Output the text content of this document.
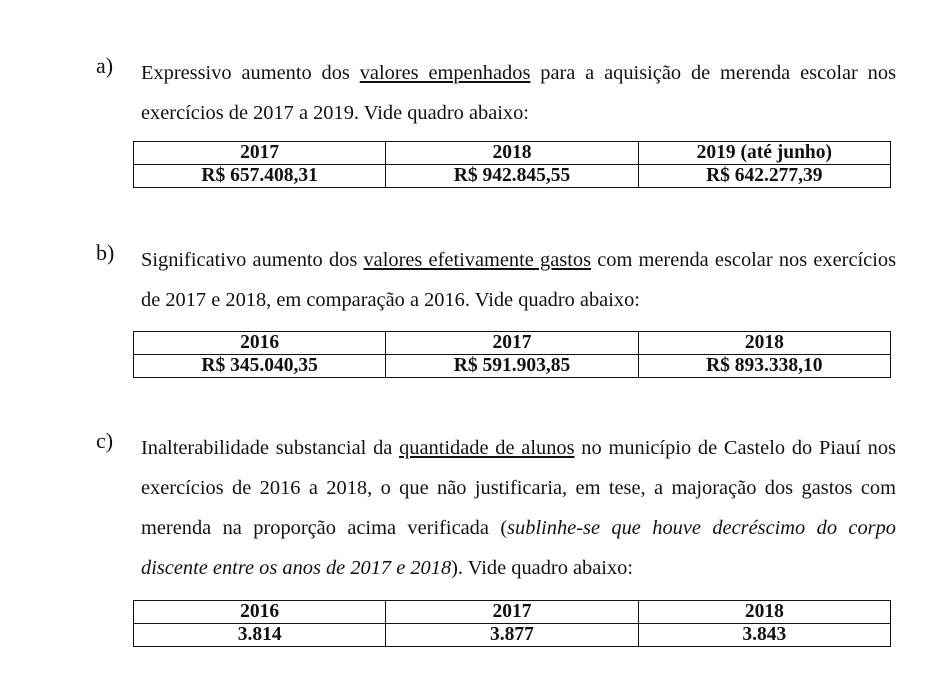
a) Expressivo aumento dos valores empenhados para a aquisição de merenda escolar nos exercícios de 2017 a 2019. Vide quadro abaixo:
2017	2018	2019 (até junho)
R$ 657.408,31	R$ 942.845,55	R$ 642.277,39
b) Significativo aumento dos valores efetivamente gastos com merenda escolar nos exercícios de 2017 e 2018, em comparação a 2016. Vide quadro abaixo:
2016	2017	2018
R$ 345.040,35	R$ 591.903,85	R$ 893.338,10
c) Inalterabilidade substancial da quantidade de alunos no município de Castelo do Piauí nos exercícios de 2016 a 2018, o que não justificaria, em tese, a majoração dos gastos com merenda na proporção acima verificada (sublinhe-se que houve decréscimo do corpo discente entre os anos de 2017 e 2018). Vide quadro abaixo:
2016	2017	2018
3.814	3.877	3.843
